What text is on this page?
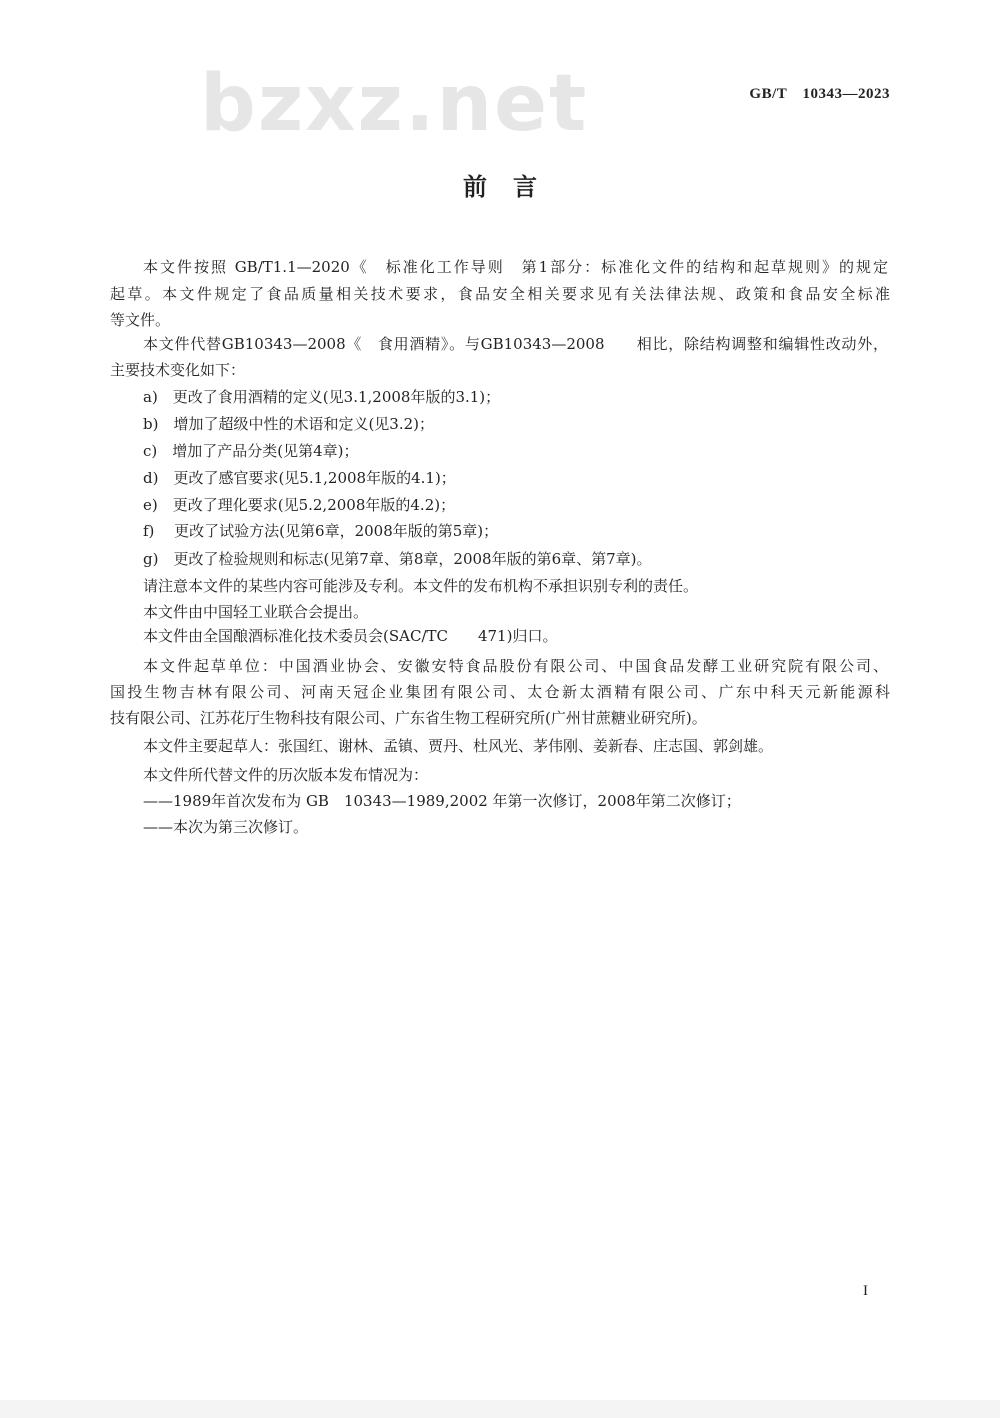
bzxz.net	GB/T　10343—2023
前言
本文件按照 GB/T1.1—2020《　标准化工作导则　第1部分：标准化文件的结构和起草规则》的规定
起草。本文件规定了食品质量相关技术要求，食品安全相关要求见有关法律法规、政策和食品安全标准
等文件。
本文件代替GB10343—2008《　食用酒精》。与GB10343—2008　　相比，除结构调整和编辑性改动外，
主要技术变化如下：
a)　更改了食用酒精的定义(见3.1,2008年版的3.1)；
b)　增加了超级中性的术语和定义(见3.2)；
c)　增加了产品分类(见第4章)；
d)　更改了感官要求(见5.1,2008年版的4.1)；
e)　更改了理化要求(见5.2,2008年版的4.2)；
f)　 更改了试验方法(见第6章，2008年版的第5章)；
g)　更改了检验规则和标志(见第7章、第8章，2008年版的第6章、第7章)。
请注意本文件的某些内容可能涉及专利。本文件的发布机构不承担识别专利的责任。
本文件由中国轻工业联合会提出。
本文件由全国酿酒标准化技术委员会(SAC/TC　　471)归口。
本文件起草单位：中国酒业协会、安徽安特食品股份有限公司、中国食品发酵工业研究院有限公司、
国投生物吉林有限公司、河南天冠企业集团有限公司、太仓新太酒精有限公司、广东中科天元新能源科
技有限公司、江苏花厅生物科技有限公司、广东省生物工程研究所(广州甘蔗糖业研究所)。
本文件主要起草人：张国红、谢林、孟镇、贾丹、杜风光、茅伟刚、姜新春、庄志国、郭剑雄。
本文件所代替文件的历次版本发布情况为：
——1989年首次发布为 GB　10343—1989,2002 年第一次修订，2008年第二次修订；
——本次为第三次修订。
I
